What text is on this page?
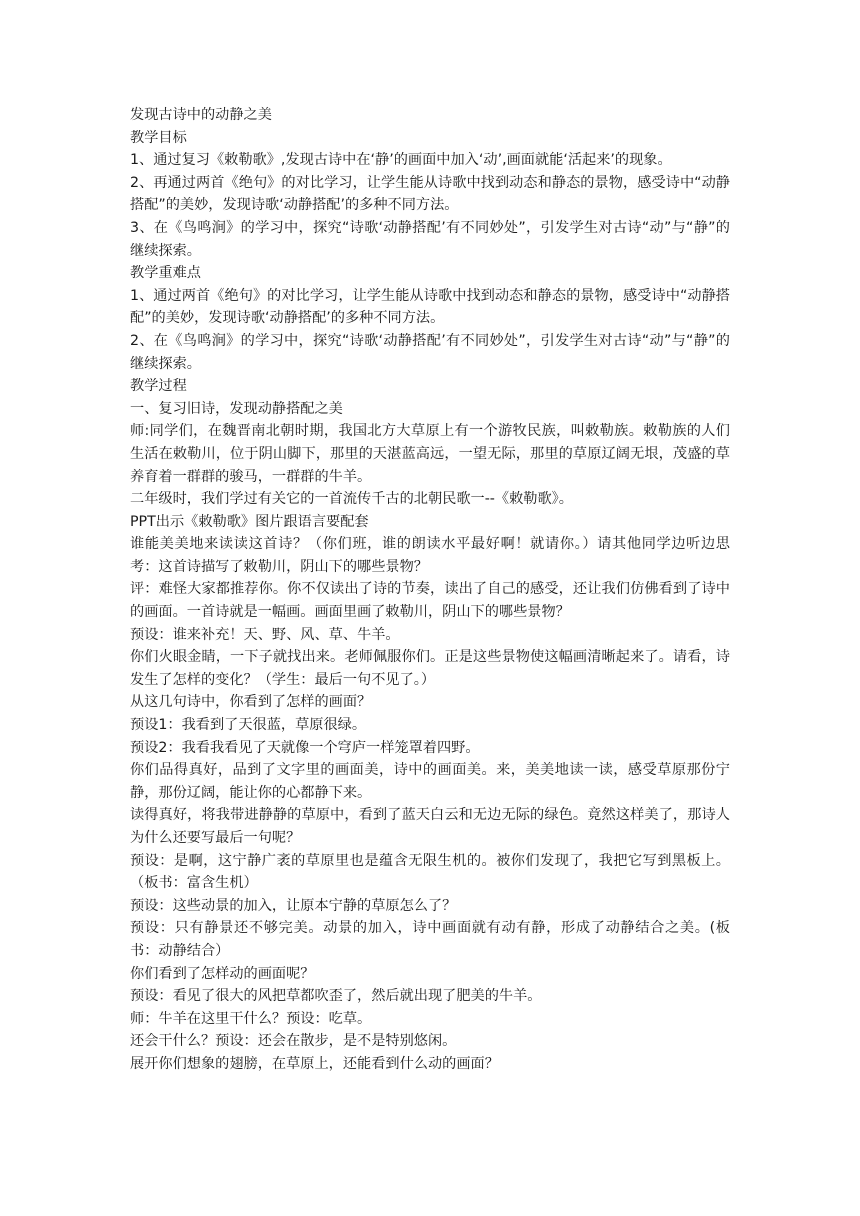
发现古诗中的动静之美

教学目标

1、通过复习《敕勒歌》,发现古诗中在‘静’的画面中加入‘动’,画面就能‘活起来’的现象。

2、再通过两首《绝句》的对比学习，让学生能从诗歌中找到动态和静态的景物，感受诗中“动静搭配”的美妙，发现诗歌‘动静搭配’的多种不同方法。

3、在《鸟鸣涧》的学习中，探究“诗歌‘动静搭配’有不同妙处”，引发学生对古诗“动”与“静”的继续探索。

教学重难点

1、通过两首《绝句》的对比学习，让学生能从诗歌中找到动态和静态的景物，感受诗中“动静搭配”的美妙，发现诗歌‘动静搭配’的多种不同方法。

2、在《鸟鸣涧》的学习中，探究“诗歌‘动静搭配’有不同妙处”，引发学生对古诗“动”与“静”的继续探索。

教学过程

一、复习旧诗，发现动静搭配之美

师:同学们，在魏晋南北朝时期，我国北方大草原上有一个游牧民族，叫敕勒族。敕勒族的人们生活在敕勒川，位于阴山脚下，那里的天湛蓝高远，一望无际，那里的草原辽阔无垠，茂盛的草养育着一群群的骏马，一群群的牛羊。

二年级时，我们学过有关它的一首流传千古的北朝民歌一--《敕勒歌》。

PPT出示《敕勒歌》图片跟语言要配套

谁能美美地来读读这首诗？（你们班，谁的朗读水平最好啊！就请你。）请其他同学边听边思考：这首诗描写了敕勒川，阴山下的哪些景物？

评：难怪大家都推荐你。你不仅读出了诗的节奏，读出了自己的感受，还让我们仿佛看到了诗中的画面。一首诗就是一幅画。画面里画了敕勒川，阴山下的哪些景物？

预设：谁来补充！天、野、风、草、牛羊。

你们火眼金睛，一下子就找出来。老师佩服你们。正是这些景物使这幅画清晰起来了。请看，诗发生了怎样的变化？（学生：最后一句不见了。）

从这几句诗中，你看到了怎样的画面？

预设1：我看到了天很蓝，草原很绿。

预设2：我看我看见了天就像一个穹庐一样笼罩着四野。

你们品得真好，品到了文字里的画面美，诗中的画面美。来，美美地读一读，感受草原那份宁静，那份辽阔，能让你的心都静下来。

读得真好，将我带进静静的草原中，看到了蓝天白云和无边无际的绿色。竟然这样美了，那诗人为什么还要写最后一句呢？

预设：是啊，这宁静广袤的草原里也是蕴含无限生机的。被你们发现了，我把它写到黑板上。（板书：富含生机）

预设：这些动景的加入，让原本宁静的草原怎么了？

预设：只有静景还不够完美。动景的加入，诗中画面就有动有静，形成了动静结合之美。(板书：动静结合）

你们看到了怎样动的画面呢？

预设：看见了很大的风把草都吹歪了，然后就出现了肥美的牛羊。

师：牛羊在这里干什么？预设：吃草。

还会干什么？预设：还会在散步，是不是特别悠闲。

展开你们想象的翅膀，在草原上，还能看到什么动的画面？
